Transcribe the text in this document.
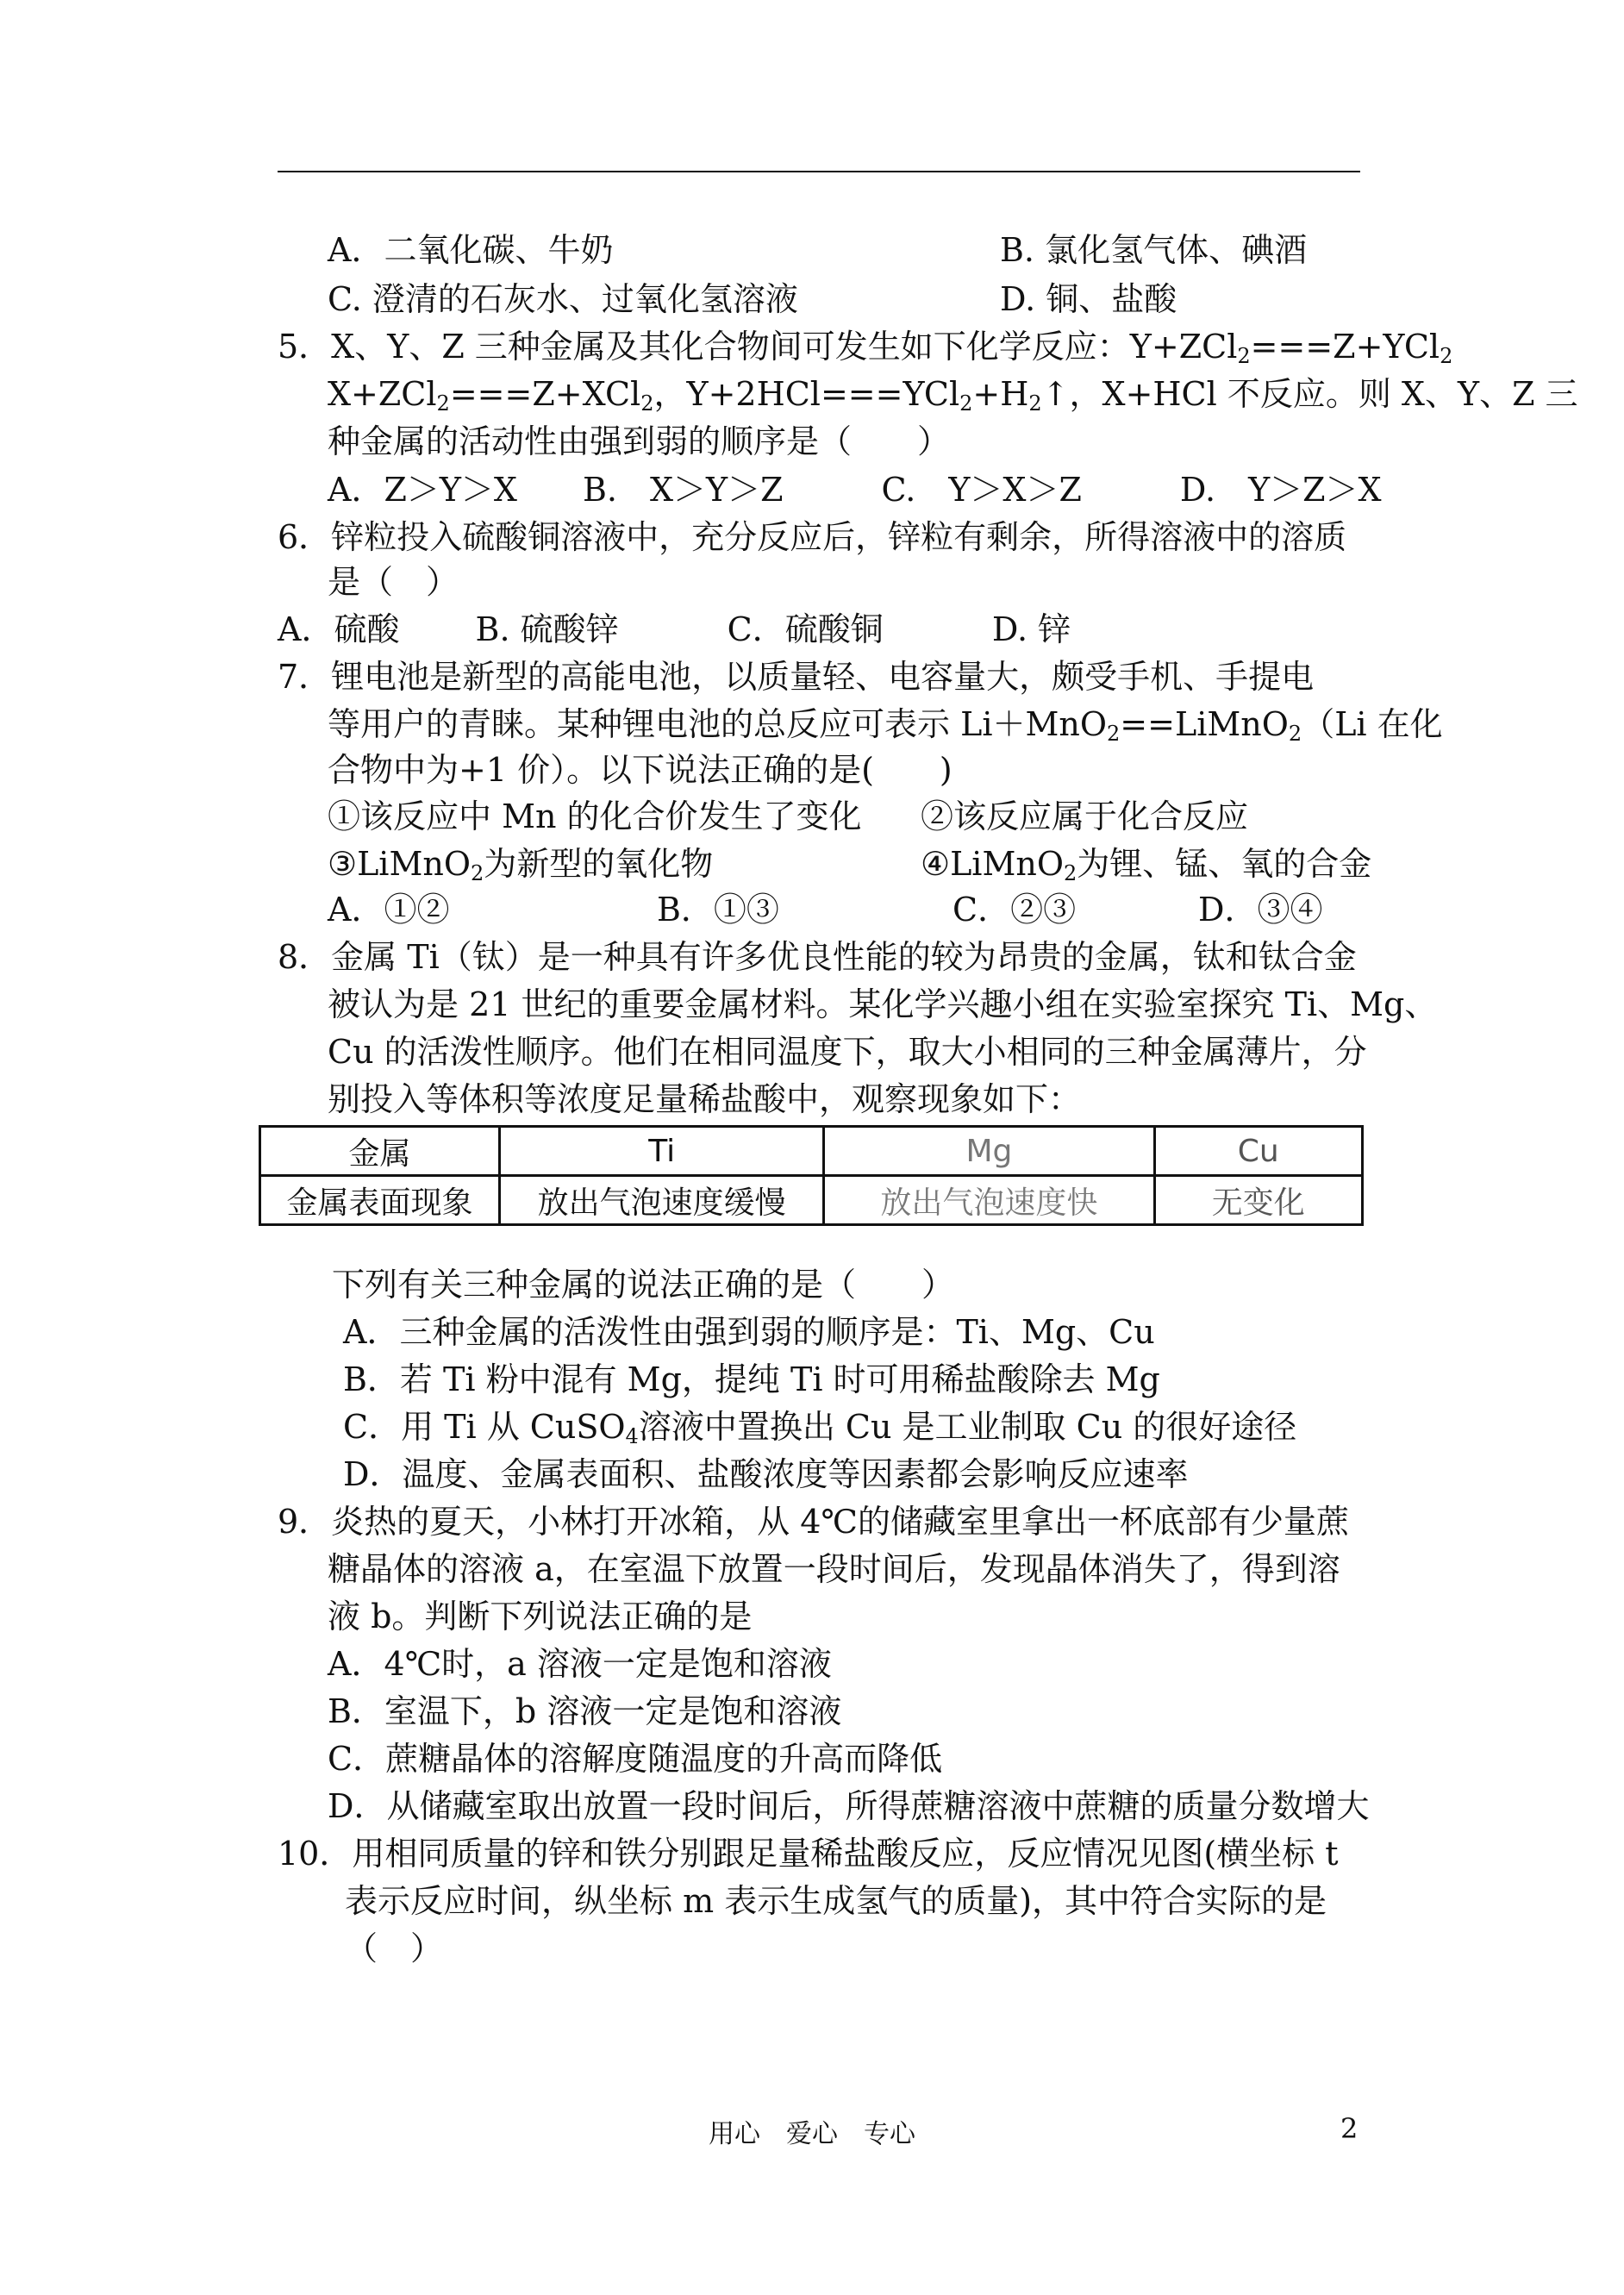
A．二氧化碳、牛奶	B. 氯化氢气体、碘酒
C. 澄清的石灰水、过氧化氢溶液	D. 铜、盐酸
5．X、Y、Z 三种金属及其化合物间可发生如下化学反应：Y+ZCl$_2$===Z+YCl$_2$
X+ZCl$_2$===Z+XCl$_2$，$Y+2HCl===YCl_2+H_2↑$，X+HCl 不反应。则 X、Y、Z 三
种金属的活动性由强到弱的顺序是（　　）
A．Z＞Y＞X　　B.　X＞Y＞Z　　　C.　Y＞X＞Z　　　D.　Y＞Z＞X
6．锌粒投入硫酸铜溶液中，充分反应后，锌粒有剩余，所得溶液中的溶质
是（　）
A．硫酸　　 B. 硫酸锌　　　 C．硫酸铜　　　 D. 锌
7．锂电池是新型的高能电池，以质量轻、电容量大，颇受手机、手提电
等用户的青睐。某种锂电池的总反应可表示 Li＋MnO$_2$==LiMnO$_2$（Li 在化
合物中为+1 价）。以下说法正确的是(　　)
①该反应中 Mn 的化合价发生了变化 ②该反应属于化合反应
③LiMnO$_2$为新型的氧化物	④LiMnO$_2$为锂、锰、氧的合金
A．①②	B．①③	C．②③	D．③④
8．金属 Ti（钛）是一种具有许多优良性能的较为昂贵的金属，钛和钛合金
被认为是 21 世纪的重要金属材料。某化学兴趣小组在实验室探究 Ti、Mg、
Cu 的活泼性顺序。他们在相同温度下，取大小相同的三种金属薄片，分
别投入等体积等浓度足量稀盐酸中，观察现象如下：
金属	Ti	Mg	Cu
金属表面现象	放出气泡速度缓慢	放出气泡速度快	无变化
下列有关三种金属的说法正确的是（　　）
A．三种金属的活泼性由强到弱的顺序是：Ti、Mg、Cu
B．若 Ti 粉中混有 Mg，提纯 Ti 时可用稀盐酸除去 Mg
C．用 Ti 从 CuSO$_4$溶液中置换出 Cu 是工业制取 Cu 的很好途径
D．温度、金属表面积、盐酸浓度等因素都会影响反应速率
9．炎热的夏天，小林打开冰箱，从 4℃的储藏室里拿出一杯底部有少量蔗
糖晶体的溶液 a，在室温下放置一段时间后，发现晶体消失了，得到溶
液 b。判断下列说法正确的是
A．4℃时，a 溶液一定是饱和溶液
B．室温下，b 溶液一定是饱和溶液
C．蔗糖晶体的溶解度随温度的升高而降低
D．从储藏室取出放置一段时间后，所得蔗糖溶液中蔗糖的质量分数增大
10．用相同质量的锌和铁分别跟足量稀盐酸反应，反应情况见图(横坐标 t
表示反应时间，纵坐标 m 表示生成氢气的质量)，其中符合实际的是
（　）
用心　爱心　专心	2
